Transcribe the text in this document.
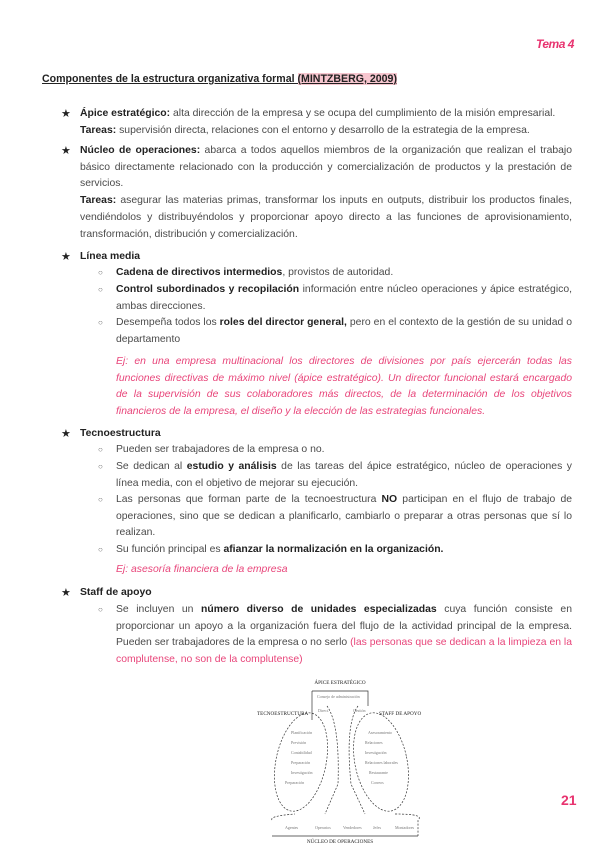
Tema 4
Componentes de la estructura organizativa formal (MINTZBERG, 2009)
★ Ápice estratégico: alta dirección de la empresa y se ocupa del cumplimiento de la misión empresarial.
Tareas: supervisión directa, relaciones con el entorno y desarrollo de la estrategia de la empresa.
★ Núcleo de operaciones: abarca a todos aquellos miembros de la organización que realizan el trabajo básico directamente relacionado con la producción y comercialización de productos y la prestación de servicios.
Tareas: asegurar las materias primas, transformar los inputs en outputs, distribuir los productos finales, vendiéndolos y distribuyéndolos y proporcionar apoyo directo a las funciones de aprovisionamiento, transformación, distribución y comercialización.
★ Línea media
○ Cadena de directivos intermedios, provistos de autoridad.
○ Control subordinados y recopilación información entre núcleo operaciones y ápice estratégico, ambas direcciones.
○ Desempeña todos los roles del director general, pero en el contexto de la gestión de su unidad o departamento
Ej: en una empresa multinacional los directores de divisiones por país ejercerán todas las funciones directivas de máximo nivel (ápice estratégico). Un director funcional estará encargado de la supervisión de sus colaboradores más directos, de la determinación de los objetivos financieros de la empresa, el diseño y la elección de las estrategias funcionales.
★ Tecnoestructura
○ Pueden ser trabajadores de la empresa o no.
○ Se dedican al estudio y análisis de las tareas del ápice estratégico, núcleo de operaciones y línea media, con el objetivo de mejorar su ejecución.
○ Las personas que forman parte de la tecnoestructura NO participan en el flujo de trabajo de operaciones, sino que se dedican a planificarlo, cambiarlo o preparar a otras personas que sí lo realizan.
○ Su función principal es afianzar la normalización en la organización.
Ej: asesoría financiera de la empresa
★ Staff de apoyo
○ Se incluyen un número diverso de unidades especializadas cuya función consiste en proporcionar un apoyo a la organización fuera del flujo de la actividad principal de la empresa. Pueden ser trabajadores de la empresa o no serlo (las personas que se dedican a la limpieza en la complutense, no son de la complutense)
Consejo de administración
Direct.	Gestión
Planificación
Previsión
Contabilidad
Preparación
Investigación
Preparación
Asesoramiento
Relaciones
Investigación
Relaciones laborales
Restaurante
Correos
Agentes	Operarios	Vendedores	Jefes	Montadores
ÁPICE ESTRATÉGICO
TECNOESTRUCTURA	STAFF DE APOYO
NÚCLEO DE OPERACIONES
21
